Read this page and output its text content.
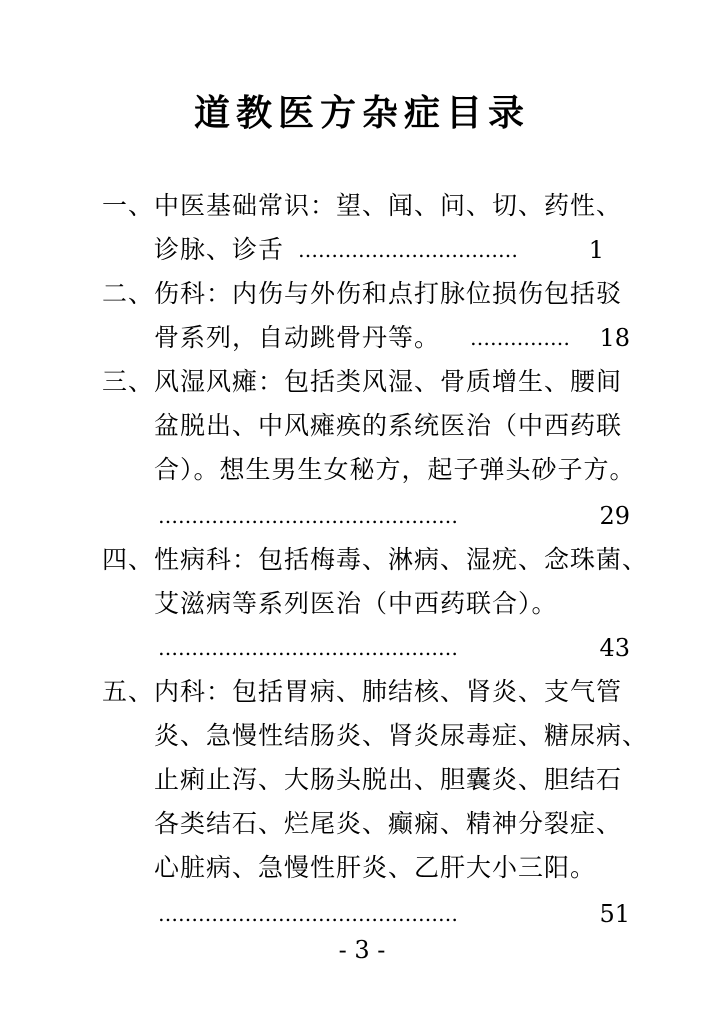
道教医方杂症目录
一、 中医基础常识：望、闻、问、切、药性、
诊脉、诊舌 ……………………………	1
二、 伤科：内伤与外伤和点打脉位损伤包括驳
骨系列，自动跳骨丹等。 ……………	18
三、 风湿风瘫：包括类风湿、骨质增生、腰间
盆脱出、中风瘫痪的系统医治（中西药联
合）。想生男生女秘方，起子弹头砂子方。
………………………………………	29
四、 性病科：包括梅毒、淋病、湿疣、念珠菌、
艾滋病等系列医治（中西药联合）。
………………………………………	43
五、 内科：包括胃病、肺结核、肾炎、支气管
炎、急慢性结肠炎、肾炎尿毒症、糖尿病、
止痢止泻、大肠头脱出、胆囊炎、胆结石
各类结石、烂尾炎、癫痫、精神分裂症、
心脏病、急慢性肝炎、乙肝大小三阳。
………………………………………	51
- 3 -
